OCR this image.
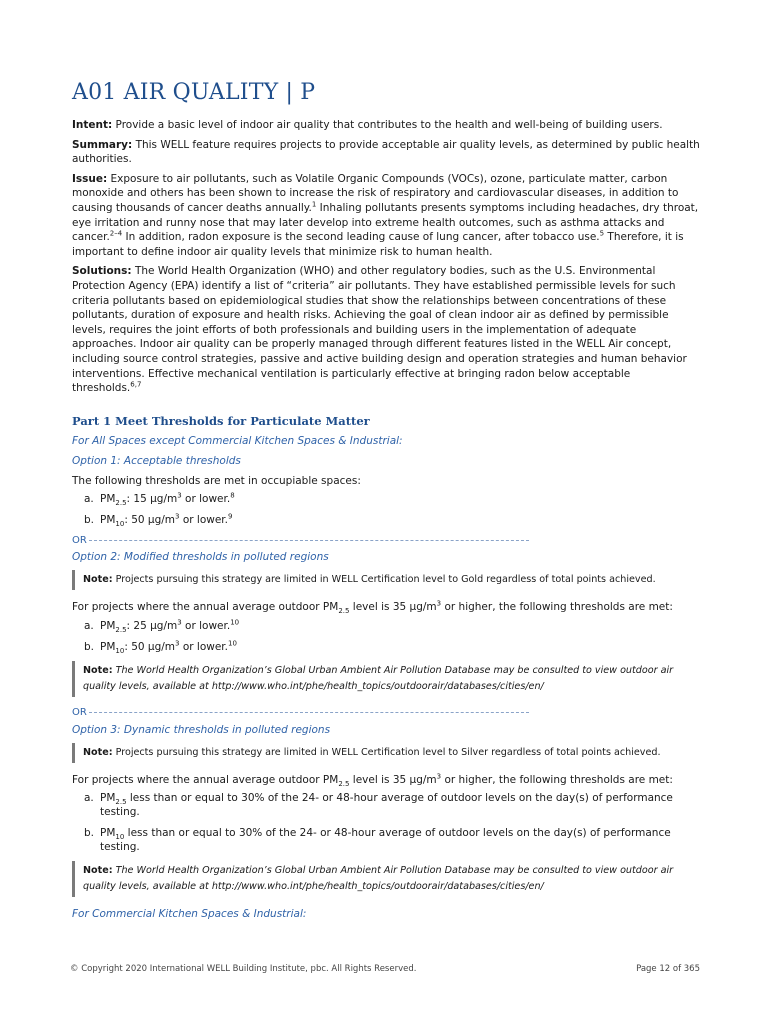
A01 AIR QUALITY | P

Intent: Provide a basic level of indoor air quality that contributes to the health and well-being of building users.

Summary: This WELL feature requires projects to provide acceptable air quality levels, as determined by public health authorities.

Issue: Exposure to air pollutants, such as Volatile Organic Compounds (VOCs), ozone, particulate matter, carbon monoxide and others has been shown to increase the risk of respiratory and cardiovascular diseases, in addition to causing thousands of cancer deaths annually.$^1$ Inhaling pollutants presents symptoms including headaches, dry throat, eye irritation and runny nose that may later develop into extreme health outcomes, such as asthma attacks and cancer.$^{2-4}$ In addition, radon exposure is the second leading cause of lung cancer, after tobacco use.$^5$ Therefore, it is important to define indoor air quality levels that minimize risk to human health.

Solutions: The World Health Organization (WHO) and other regulatory bodies, such as the U.S. Environmental Protection Agency (EPA) identify a list of “criteria” air pollutants. They have established permissible levels for such criteria pollutants based on epidemiological studies that show the relationships between concentrations of these pollutants, duration of exposure and health risks. Achieving the goal of clean indoor air as defined by permissible levels, requires the joint efforts of both professionals and building users in the implementation of adequate approaches. Indoor air quality can be properly managed through different features listed in the WELL Air concept, including source control strategies, passive and active building design and operation strategies and human behavior interventions. Effective mechanical ventilation is particularly effective at bringing radon below acceptable thresholds.$^{6,7}$

Part 1 Meet Thresholds for Particulate Matter
For All Spaces except Commercial Kitchen Spaces & Industrial:
Option 1: Acceptable thresholds

The following thresholds are met in occupiable spaces:

a. $PM_{2.5}$: 15 $\mu g/m^3$ or lower.$^8$
b. $PM_{10}$: 50 $\mu g/m^3$ or lower.$^9$
OR
Option 2: Modified thresholds in polluted regions
Note: Projects pursuing this strategy are limited in WELL Certification level to Gold regardless of total points achieved.

For projects where the annual average outdoor $PM_{2.5}$ level is 35 $\mu g/m^3$ or higher, the following thresholds are met:

a. $PM_{2.5}$: 25 $\mu g/m^3$ or lower.$^{10}$
b. $PM_{10}$: 50 $\mu g/m^3$ or lower.$^{10}$
Note: The World Health Organization’s Global Urban Ambient Air Pollution Database may be consulted to view outdoor air quality levels, available at http://www.who.int/phe/health_topics/outdoorair/databases/cities/en/
OR
Option 3: Dynamic thresholds in polluted regions
Note: Projects pursuing this strategy are limited in WELL Certification level to Silver regardless of total points achieved.

For projects where the annual average outdoor $PM_{2.5}$ level is 35 $\mu g/m^3$ or higher, the following thresholds are met:

a. $PM_{2.5}$ less than or equal to 30% of the 24- or 48-hour average of outdoor levels on the day(s) of performance testing.
b. $PM_{10}$ less than or equal to 30% of the 24- or 48-hour average of outdoor levels on the day(s) of performance testing.
Note: The World Health Organization’s Global Urban Ambient Air Pollution Database may be consulted to view outdoor air quality levels, available at http://www.who.int/phe/health_topics/outdoorair/databases/cities/en/
For Commercial Kitchen Spaces & Industrial:
© Copyright 2020 International WELL Building Institute, pbc. All Rights Reserved.	Page 12 of 365
